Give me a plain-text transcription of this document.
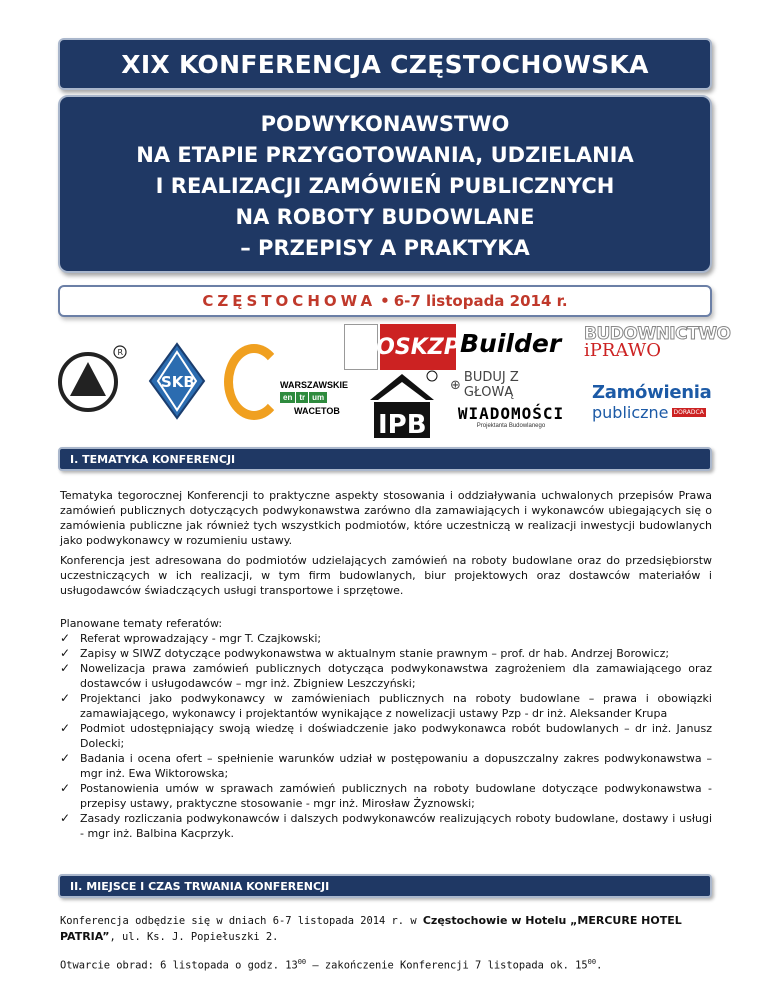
XIX KONFERENCJA CZĘSTOCHOWSKA
PODWYKONAWSTWO
NA ETAPIE PRZYGOTOWANIA, UDZIELANIA
I REALIZACJI ZAMÓWIEŃ PUBLICZNYCH
NA ROBOTY BUDOWLANE
– PRZEPISY A PRAKTYKA
CZĘSTOCHOWA • 6-7 listopada 2014 r.
R
SKB	WARSZAWSKIE
en tr um
WACETOB
OSKZP
IPB
Builder BUDOWNICTWO
iPRAWO
⊕ BUDUJ Z GŁOWĄ
WIADOMOŚCI
Projektanta Budowlanego
Zamówienia
publiczne DORADCA
I. TEMATYKA KONFERENCJI

Tematyka tegorocznej Konferencji to praktyczne aspekty stosowania i oddziaływania uchwalonych przepisów Prawa zamówień publicznych dotyczących podwykonawstwa zarówno dla zamawiających i wykonawców ubiegających się o zamówienia publiczne jak również tych wszystkich podmiotów, które uczestniczą w realizacji inwestycji budowlanych jako podwykonawcy w rozumieniu ustawy.

Konferencja jest adresowana do podmiotów udzielających zamówień na roboty budowlane oraz do przedsiębiorstw uczestniczących w ich realizacji, w tym firm budowlanych, biur projektowych oraz dostawców materiałów i usługodawców świadczących usługi transportowe i sprzętowe.

Planowane tematy referatów:
✓ Referat wprowadzający - mgr T. Czajkowski;
✓ Zapisy w SIWZ dotyczące podwykonawstwa w aktualnym stanie prawnym – prof. dr hab. Andrzej Borowicz;
✓ Nowelizacja prawa zamówień publicznych dotycząca podwykonawstwa zagrożeniem dla zamawiającego oraz dostawców i usługodawców – mgr inż. Zbigniew Leszczyński;
✓ Projektanci jako podwykonawcy w zamówieniach publicznych na roboty budowlane – prawa i obowiązki zamawiającego, wykonawcy i projektantów wynikające z nowelizacji ustawy Pzp - dr inż. Aleksander Krupa
✓ Podmiot udostępniający swoją wiedzę i doświadczenie jako podwykonawca robót budowlanych – dr inż. Janusz Dolecki;
✓ Badania i ocena ofert – spełnienie warunków udział w postępowaniu a dopuszczalny zakres podwykonawstwa – mgr inż. Ewa Wiktorowska;
✓ Postanowienia umów w sprawach zamówień publicznych na roboty budowlane dotyczące podwykonawstwa - przepisy ustawy, praktyczne stosowanie - mgr inż. Mirosław Żyznowski;
✓ Zasady rozliczania podwykonawców i dalszych podwykonawców realizujących roboty budowlane, dostawy i usługi - mgr inż. Balbina Kacprzyk.
II. MIEJSCE I CZAS TRWANIA KONFERENCJI

Konferencja odbędzie się w dniach 6-7 listopada 2014 r. w Częstochowie w Hotelu „MERCURE HOTEL PATRIA”, ul. Ks. J. Popiełuszki 2.

Otwarcie obrad: 6 listopada o godz. $13^{00}$ – zakończenie Konferencji 7 listopada ok. $15^{00}$.
